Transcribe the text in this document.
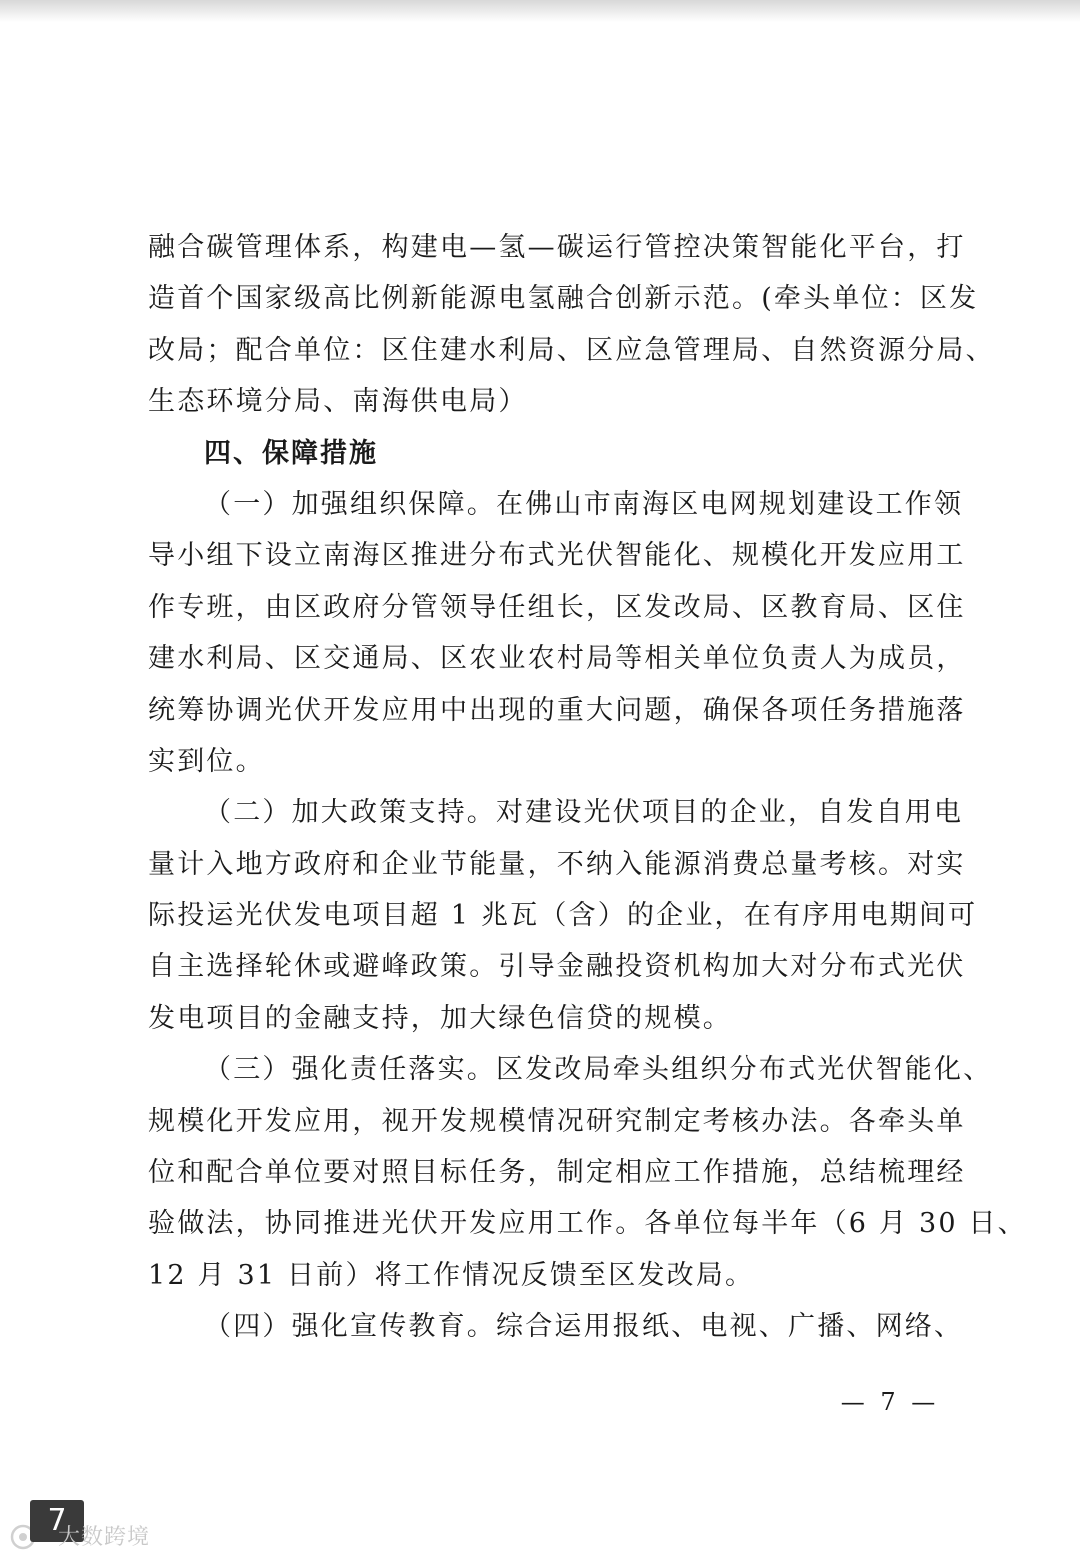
融合碳管理体系，构建电—氢—碳运行管控决策智能化平台，打
造首个国家级高比例新能源电氢融合创新示范。(牵头单位：区发
改局；配合单位：区住建水利局、区应急管理局、自然资源分局、
生态环境分局、南海供电局）
四、保障措施
（一）加强组织保障。在佛山市南海区电网规划建设工作领
导小组下设立南海区推进分布式光伏智能化、规模化开发应用工
作专班，由区政府分管领导任组长，区发改局、区教育局、区住
建水利局、区交通局、区农业农村局等相关单位负责人为成员，
统筹协调光伏开发应用中出现的重大问题，确保各项任务措施落
实到位。
（二）加大政策支持。对建设光伏项目的企业，自发自用电
量计入地方政府和企业节能量，不纳入能源消费总量考核。对实
际投运光伏发电项目超 1 兆瓦（含）的企业，在有序用电期间可
自主选择轮休或避峰政策。引导金融投资机构加大对分布式光伏
发电项目的金融支持，加大绿色信贷的规模。
（三）强化责任落实。区发改局牵头组织分布式光伏智能化、
规模化开发应用，视开发规模情况研究制定考核办法。各牵头单
位和配合单位要对照目标任务，制定相应工作措施，总结梳理经
验做法，协同推进光伏开发应用工作。各单位每半年（6 月 30 日、
12 月 31 日前）将工作情况反馈至区发改局。
（四）强化宣传教育。综合运用报纸、电视、广播、网络、
— 7 —
7
大数跨境
